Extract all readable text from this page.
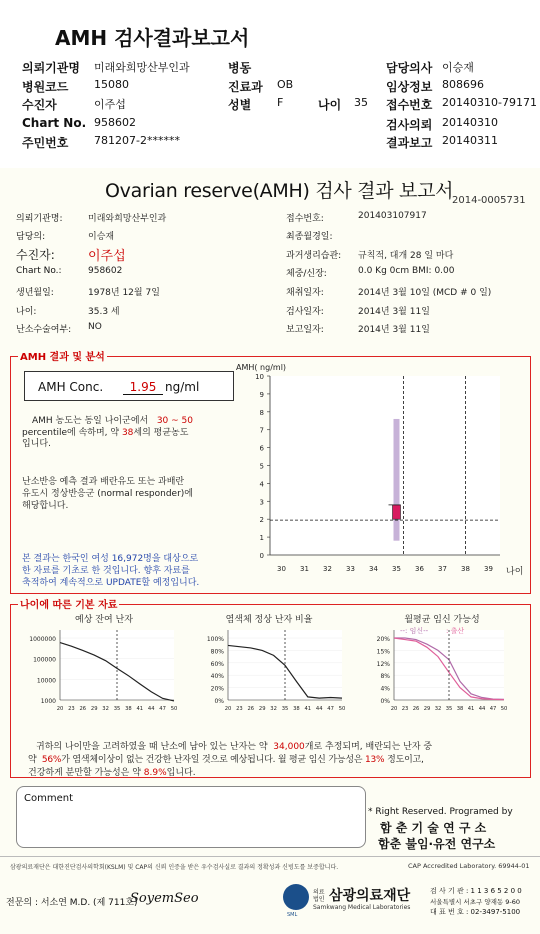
AMH 검사결과보고서
의뢰기관명 미래와희망산부인과	병동	담당의사 이승재
병원코드 15080	진료과 OB	임상정보 808696
수진자	이주섭	성별 F	나이 35 접수번호 20140310-79171
Chart No. 958602	검사의뢰 20140310
주민번호 781207-2******	결과보고 20140311
Ovarian reserve(AMH) 검사 결과 보고서
2014-0005731
의뢰기관명:	미래와희망산부인과
담당의:	이승재
수진자:	이주섭
Chart No.:	958602
생년월일:	1978년 12월 7일
나이:	35.3 세
난소수술여부: NO
접수번호:	201403107917
최종월경일:
과거생리습관: 규칙적, 대개 28 일 마다
체중/신장:	0.0 Kg 0cm BMI: 0.00
채취일자:	2014년 3월 10일 (MCD # 0 일)
검사일자:	2014년 3월 11일
보고일자:	2014년 3월 11일
AMH 결과 및 분석
AMH Conc.	1.95 ng/ml
AMH 농도는 동일 나이군에서 30 ~ 50
percentile에 속하며, 약 38세의 평균농도
입니다.
난소반응 예측 결과 배란유도 또는 과배란
유도시 정상반응군 (normal responder)에
해당합니다.
본 결과는 한국인 여성 16,972명을 대상으로
한 자료를 기초로 한 것입니다. 향후 자료를
축적하여 계속적으로 UPDATE할 예정입니다.
AMH( ng/ml)
0
1
2
3
4
5
6
7
8
9
10
30 31 32 33 34 35 36 37 38 39 나이
나이에 따른 기본 자료
예상 잔여 난자
1000000
100000
10000
1000
20 23 26 29 32 35 38 41 44 47 50
염색체 정상 난자 비율
100%
80%
60%
40%
20%
0%
20 23 26 29 32 35 38 41 44 47 50
월평균 임신 가능성
20%
15%
12%
8%
4%
0%
20 23 26 29 32 35 38 41 44 47 50
--: 임신--	: 출산
귀하의 나이만을 고려하였을 때 난소에 남아 있는 난자는 약 34,000개로 추정되며, 배란되는 난자 중
약 56%가 염색체이상이 없는 건강한 난자일 것으로 예상됩니다. 월 평균 임신 가능성은 13% 정도이고,
건강하게 분만할 가능성은 약 8.9%입니다.
Comment
* Right Reserved. Programed by
함 춘 기 술 연 구 소
함춘 불임·유전 연구소
삼광의료재단은 대한진단검사의학회(KSLM) 및 CAP의 신뢰 인증을 받은 우수검사실로 결과의 정확성과 신빙도를 보증합니다.	CAP Accredited Laboratory. 69944-01
전문의 : 서소연 M.D. (제 711호)
SoyemSeo
SML
의료법인 삼광의료재단
Samkwang Medical Laboratories
검 사 기 관 : 1 1 3 6 5 2 0 0
서울특별시 서초구 양재동 9-60
대 표 번 호 : 02-3497-5100
